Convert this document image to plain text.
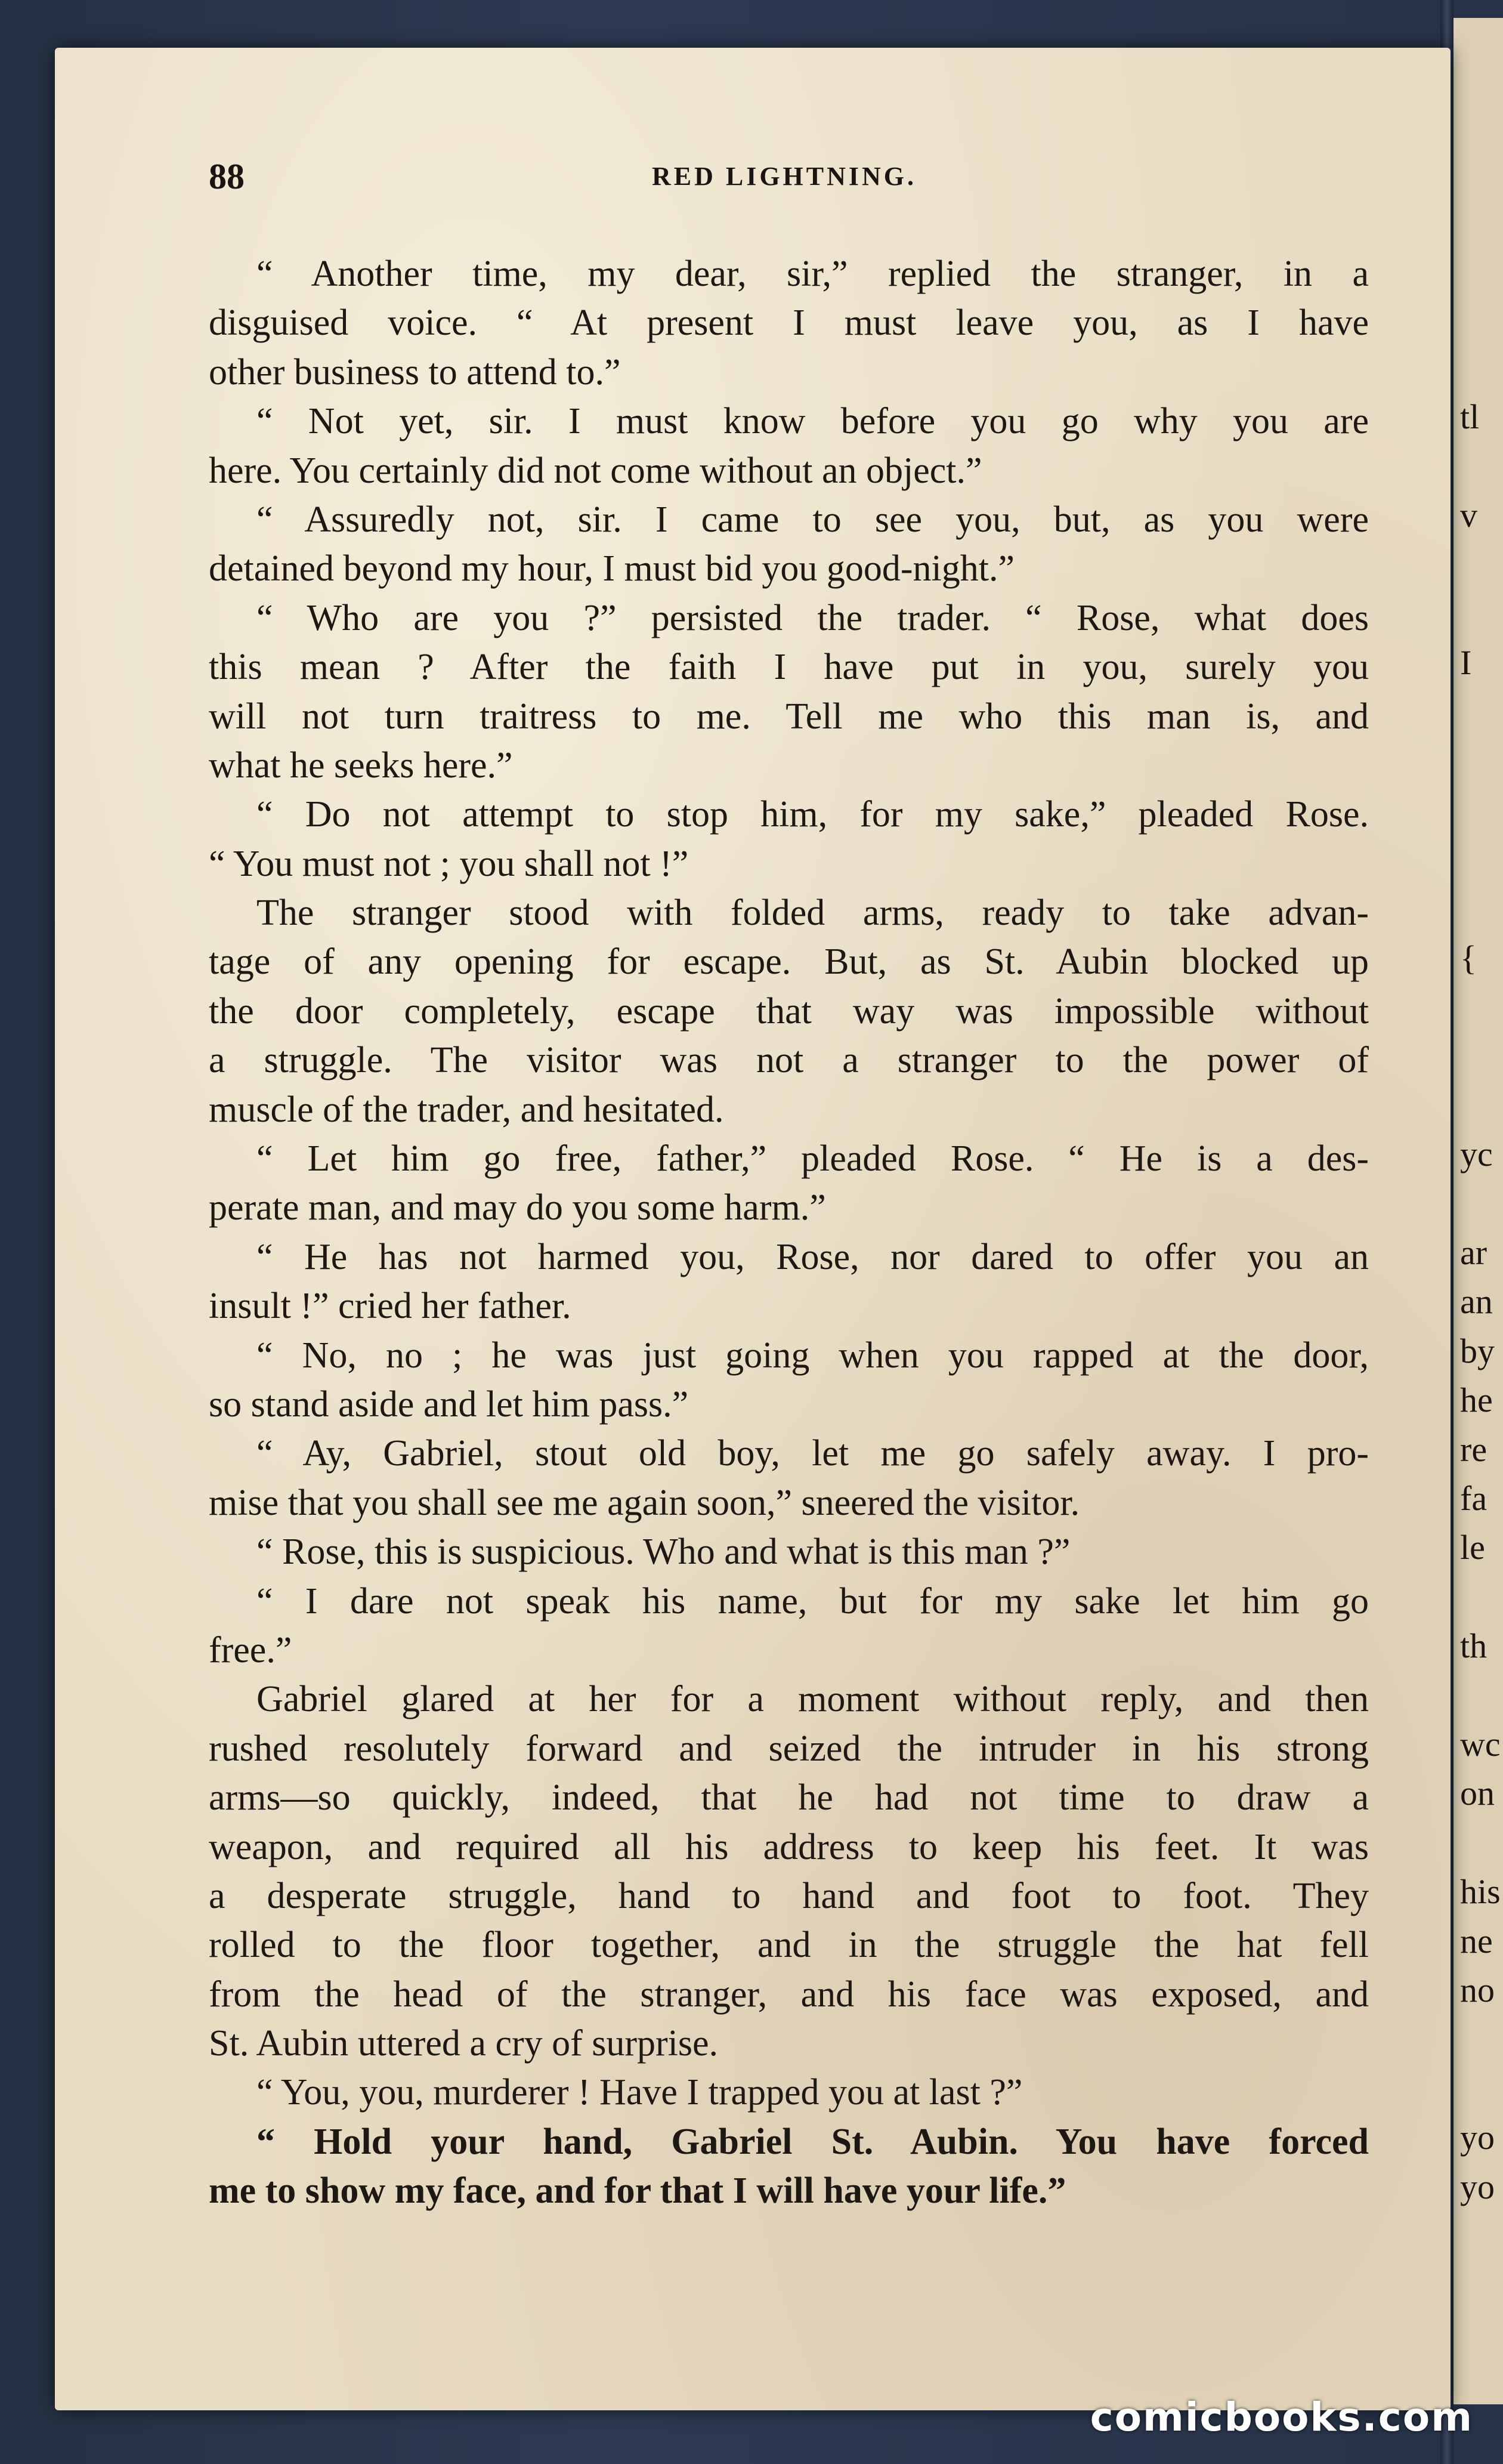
tl
v
I
{
yc
ar
an
by
he
re
fa
le
th
wc
on
his
ne
no
yo
yo
88	RED LIGHTNING.
“ Another time, my dear, sir,” replied the stranger, in a
disguised voice. “ At present I must leave you, as I have
other business to attend to.”
“ Not yet, sir. I must know before you go why you are
here. You certainly did not come without an object.”
“ Assuredly not, sir. I came to see you, but, as you were
detained beyond my hour, I must bid you good-night.”
“ Who are you ?” persisted the trader. “ Rose, what does
this mean ? After the faith I have put in you, surely you
will not turn traitress to me. Tell me who this man is, and
what he seeks here.”
“ Do not attempt to stop him, for my sake,” pleaded Rose.
“ You must not ; you shall not !”
The stranger stood with folded arms, ready to take advan-
tage of any opening for escape. But, as St. Aubin blocked up
the door completely, escape that way was impossible without
a struggle. The visitor was not a stranger to the power of
muscle of the trader, and hesitated.
“ Let him go free, father,” pleaded Rose. “ He is a des-
perate man, and may do you some harm.”
“ He has not harmed you, Rose, nor dared to offer you an
insult !” cried her father.
“ No, no ; he was just going when you rapped at the door,
so stand aside and let him pass.”
“ Ay, Gabriel, stout old boy, let me go safely away. I pro-
mise that you shall see me again soon,” sneered the visitor.
“ Rose, this is suspicious. Who and what is this man ?”
“ I dare not speak his name, but for my sake let him go
free.”
Gabriel glared at her for a moment without reply, and then
rushed resolutely forward and seized the intruder in his strong
arms—so quickly, indeed, that he had not time to draw a
weapon, and required all his address to keep his feet. It was
a desperate struggle, hand to hand and foot to foot. They
rolled to the floor together, and in the struggle the hat fell
from the head of the stranger, and his face was exposed, and
St. Aubin uttered a cry of surprise.
“ You, you, murderer ! Have I trapped you at last ?”
“ Hold your hand, Gabriel St. Aubin. You have forced
me to show my face, and for that I will have your life.”
comicbooks.com
